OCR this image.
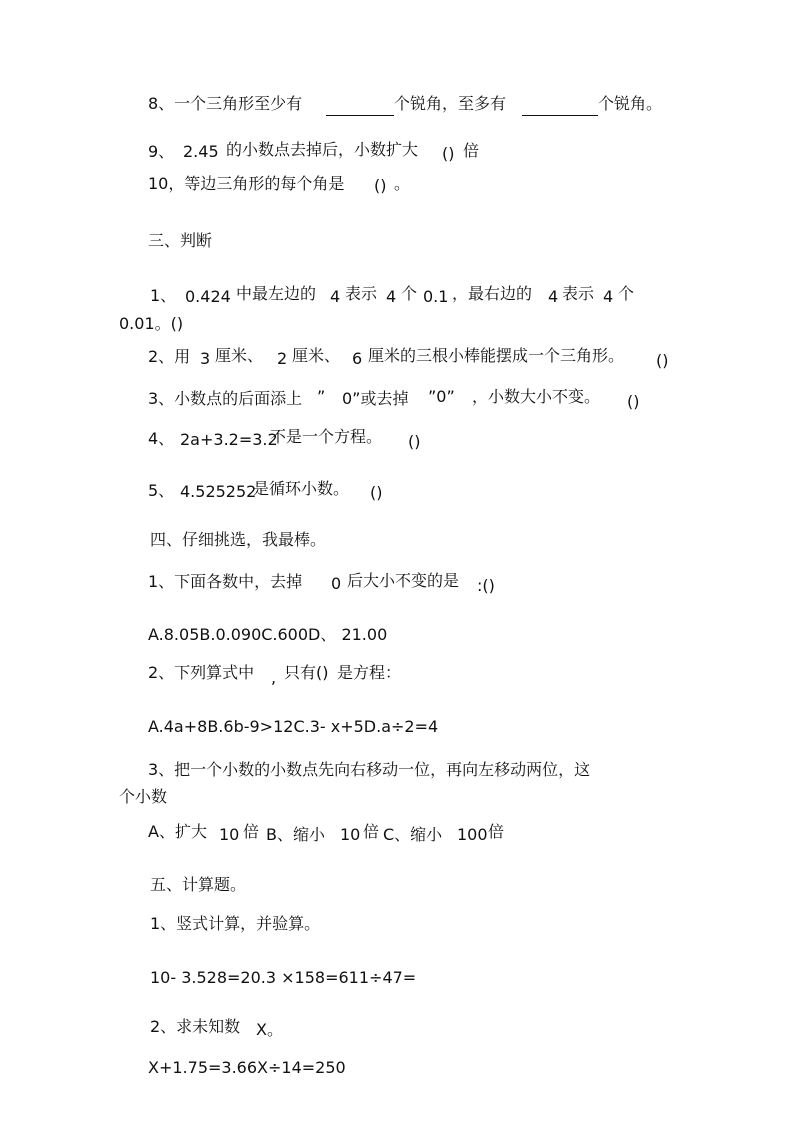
8、一个三角形至少有	个锐角，至多有	个锐角。
9、 2.45 的小数点去掉后，小数扩大 () 倍
10，等边三角形的每个角是 () 。
三、判断
1、 0.424 中最左边的 4 表示 4 个 0.1 ，最右边的 4 表示 4 个
0.01。()
2、用 3 厘米、 2 厘米、 6 厘米的三根小棒能摆成一个三角形。 ()
3、小数点的后面添上 ” 0”或去掉 ”0” ，小数大小不变。 ()
4、 2a+3.2=3.2
不是一个方程。 ()
5、 4.525252
是循环小数。 ()
四、仔细挑选，我最棒。
1、下面各数中，去掉 0 后大小不变的是 :()
A.8.05B.0.090C.600D、 21.00
2、下列算式中 , 只有() 是方程：
A.4a+8B.6b-9>12C.3- x+5D.a÷2=4
3、把一个小数的小数点先向右移动一位，再向左移动两位，这
个小数
A、扩大 10 倍 B、缩小 10 倍 C、缩小 100 倍
五、计算题。
1、竖式计算，并验算。
10- 3.528=20.3 ×158=611÷47=
2、求未知数 X。
X+1.75=3.66X÷14=250
